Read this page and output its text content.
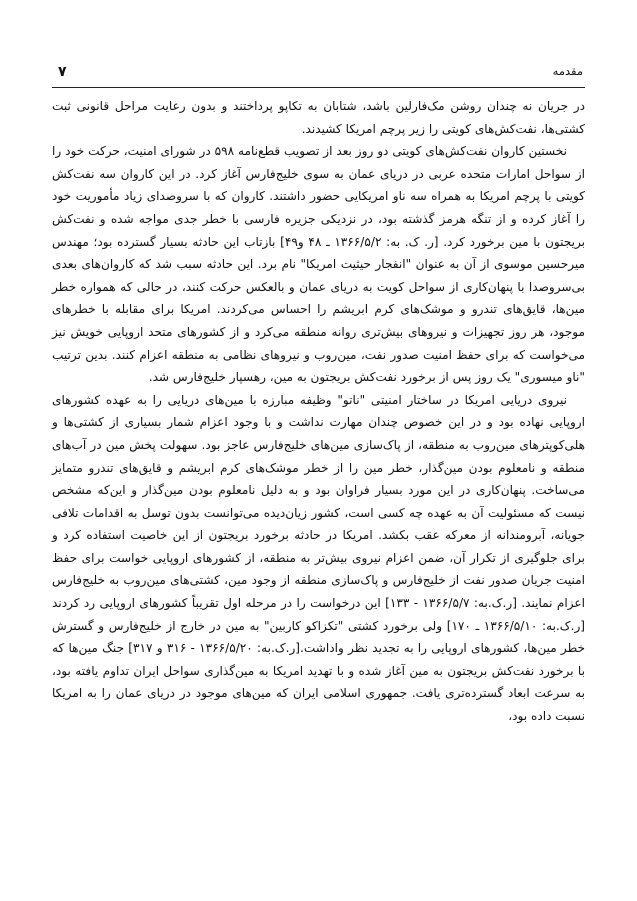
۷	مقدمه

در جریان نه چندان روشن مک‌فارلین باشد، شتابان به تکاپو پرداختند و بدون رعایت مراحل قانونی ثبت کشتی‌ها، نفت‌کش‌های کویتی را زیر پرچم امریکا کشیدند.

نخستین کاروان نفت‌کش‌های کویتی دو روز بعد از تصویب قطع‌نامه ۵۹۸ در شورای امنیت، حرکت خود را از سواحل امارات متحده عربی در دریای عمان به سوی خلیج‌فارس آغاز کرد. در این کاروان سه نفت‌کش کویتی با پرچم امریکا به همراه سه ناو امریکایی حضور داشتند. کاروان که با سروصدای زیاد مأموریت خود را آغاز کرده و از تنگه هرمز گذشته بود، در نزدیکی جزیره فارسی با خطر جدی مواجه شده و نفت‌کش بریجتون با مین برخورد کرد. [ر. ک. به: ۱۳۶۶/۵/۲ ـ ۴۸ و۴۹] بازتاب این حادثه بسیار گسترده بود؛ مهندس میرحسین موسوی از آن به عنوان "انفجار حیثیت امریکا" نام برد. این حادثه سبب شد که کاروان‌های بعدی بی‌سروصدا با پنهان‌کاری از سواحل کویت به دریای عمان و بالعکس حرکت کنند، در حالی که همواره خطر مین‌ها، قایق‌های تندرو و موشک‌های کرم ابریشم را احساس می‌کردند. امریکا برای مقابله با خطرهای موجود، هر روز تجهیزات و نیروهای بیش‌تری روانه منطقه می‌کرد و از کشورهای متحد اروپایی خویش نیز می‌خواست که برای حفظ امنیت صدور نفت، مین‌روب و نیروهای نظامی به منطقه اعزام کنند. بدین ترتیب "ناو میسوری" یک روز پس از برخورد نفت‌کش بریجتون به مین، رهسپار خلیج‌فارس شد.

نیروی دریایی امریکا در ساختار امنیتی "ناتو" وظیفه مبارزه با مین‌های دریایی را به عهده کشورهای اروپایی نهاده بود و در این خصوص چندان مهارت نداشت و با وجود اعزام شمار بسیاری از کشتی‌ها و هلی‌کوپترهای مین‌روب به منطقه، از پاک‌سازی مین‌های خلیج‌فارس عاجز بود. سهولت پخش مین در آب‌های منطقه و نامعلوم بودن مین‌گذار، خطر مین را از خطر موشک‌های کرم ابریشم و قایق‌های تندرو متمایز می‌ساخت. پنهان‌کاری در این مورد بسیار فراوان بود و به دلیل نامعلوم بودن مین‌گذار و این‌که مشخص نیست که مسئولیت آن به عهده چه کسی است، کشور زیان‌دیده می‌توانست بدون توسل به اقدامات تلافی جویانه، آبرومندانه از معرکه عقب بکشد. امریکا در حادثه برخورد بریجتون از این خاصیت استفاده کرد و برای جلوگیری از تکرار آن، ضمن اعزام نیروی بیش‌تر به منطقه، از کشورهای اروپایی خواست برای حفظ امنیت جریان صدور نفت از خلیج‌فارس و پاک‌سازی منطقه از وجود مین، کشتی‌های مین‌روب به خلیج‌فارس اعزام نمایند. [ر.ک.به: ۱۳۶۶/۵/۷ - ۱۳۳] این درخواست را در مرحله اول تقریباً کشورهای اروپایی رد کردند [ر.ک.به: ۱۳۶۶/۵/۱۰ ـ ۱۷۰] ولی برخورد کشتی "تکزاکو کاربین" به مین در خارج از خلیج‌فارس و گسترش خطر مین‌ها، کشورهای اروپایی را به تجدید نظر واداشت.[ر.ک.به: ۱۳۶۶/۵/۲۰ - ۳۱۶ و ۳۱۷] جنگ مین‌ها که با برخورد نفت‌کش بریجتون به مین آغاز شده و با تهدید امریکا به مین‌گذاری سواحل ایران تداوم یافته بود، به سرعت ابعاد گسترده‌تری یافت. جمهوری اسلامی ایران که مین‌های موجود در دریای عمان را به امریکا نسبت داده بود،
